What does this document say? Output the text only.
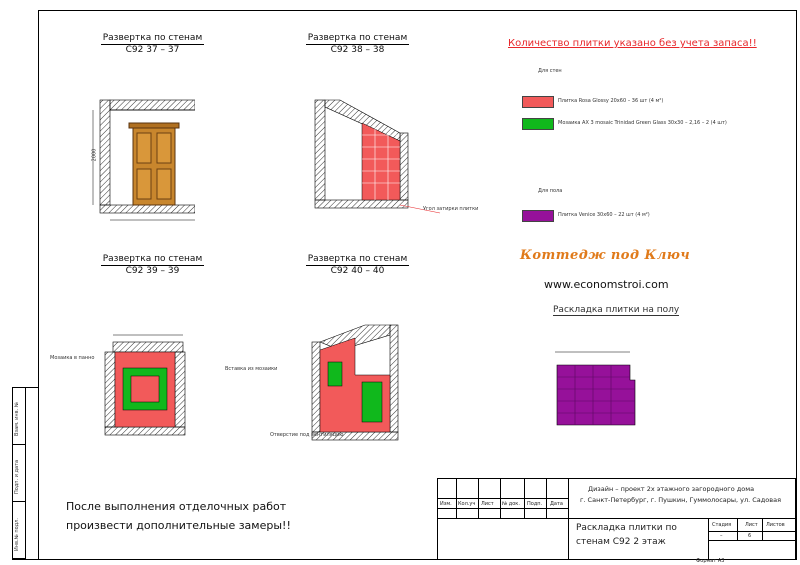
Взам. инв. №
Подп. и дата
Инв.№ подл.
Развертка по стенам
С92 37 – 37
Развертка по стенам
С92 38 – 38
Развертка по стенам
С92 39 – 39
Развертка по стенам
С92 40 – 40
2000
Угол затирки плитки
Мозаика в панно
Вставка из мозаики
Отверстие под вентиляцию
Количество плитки указано без учета запаса!!
Для стен
Плитка Rosa Glossy 20x60 – 36 шт (4 м²)
Мозаика AX 3 mosaic Trinidad Green Glass 30x30 – 2,16 – 2 (4 шт)
Для пола
Плитка Venice 30x60 – 22 шт (4 м²)
Коттедж под Ключ
www.economstroi.com
Раскладка плитки на полу
После выполнения отделочных работ произвести дополнительные замеры!!
Изм. Кол.уч Лист № док. Подп. Дата
Дизайн – проект 2х этажного загородного дома
г. Санкт-Петербург, г. Пушкин, Гуммолосары, ул. Садовая
Раскладка плитки по
стенам С92 2 этаж
Стадия	Лист Листов
–	6
Формат А3
